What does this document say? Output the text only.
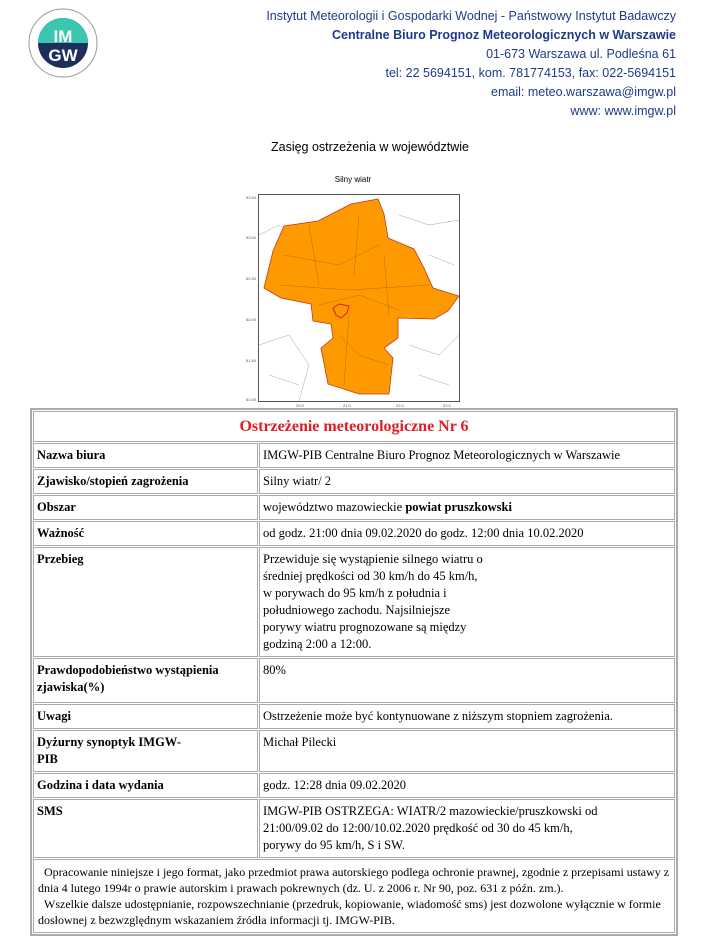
IM
GW
Instytut Meteorologii i Gospodarki Wodnej - Państwowy Instytut Badawczy
Centralne Biuro Prognoz Meteorologicznych w Warszawie
01-673 Warszawa ul. Podleśna 61
tel: 22 5694151, kom. 781774153, fax: 022-5694151
email: meteo.warszawa@imgw.pl
www: www.imgw.pl
Zasięg ostrzeżenia w województwie
Silny wiatr
53.50
53.00
52.50
52.00
51.50
51.00
20.0	21.0	22.0	23.0
Ostrzeżenie meteorologiczne Nr 6	
Nazwa biura	IMGW-PIB Centralne Biuro Prognoz Meteorologicznych w Warszawie
Zjawisko/stopień zagrożenia	Silny wiatr/ 2
Obszar	województwo mazowieckie powiat pruszkowski
Ważność	od godz. 21:00 dnia 09.02.2020 do godz. 12:00 dnia 10.02.2020
Przebieg	Przewiduje się wystąpienie silnego wiatru o średniej prędkości od 30 km/h do 45 km/h, w porywach do 95 km/h z południa i południowego zachodu. Najsilniejsze porywy wiatru prognozowane są między godziną 2:00 a 12:00.
Prawdopodobieństwo wystąpienia zjawiska(%)	80%
Uwagi	Ostrzeżenie może być kontynuowane z niższym stopniem zagrożenia.
Dyżurny synoptyk IMGW-PIB	Michał Pilecki
Godzina i data wydania	godz. 12:28 dnia 09.02.2020
SMS	IMGW-PIB OSTRZEGA: WIATR/2 mazowieckie/pruszkowski od 21:00/09.02 do 12:00/10.02.2020 prędkość od 30 do 45 km/h, porywy do 95 km/h, S i SW.

Opracowanie niniejsze i jego format, jako przedmiot prawa autorskiego podlega ochronie prawnej, zgodnie z przepisami ustawy z dnia 4 lutego 1994r o prawie autorskim i prawach pokrewnych (dz. U. z 2006 r. Nr 90, poz. 631 z późn. zm.).
Wszelkie dalsze udostępnianie, rozpowszechnianie (przedruk, kopiowanie, wiadomość sms) jest dozwolone wyłącznie w formie dosłownej z bezwzględnym wskazaniem źródła informacji tj. IMGW-PIB.	
